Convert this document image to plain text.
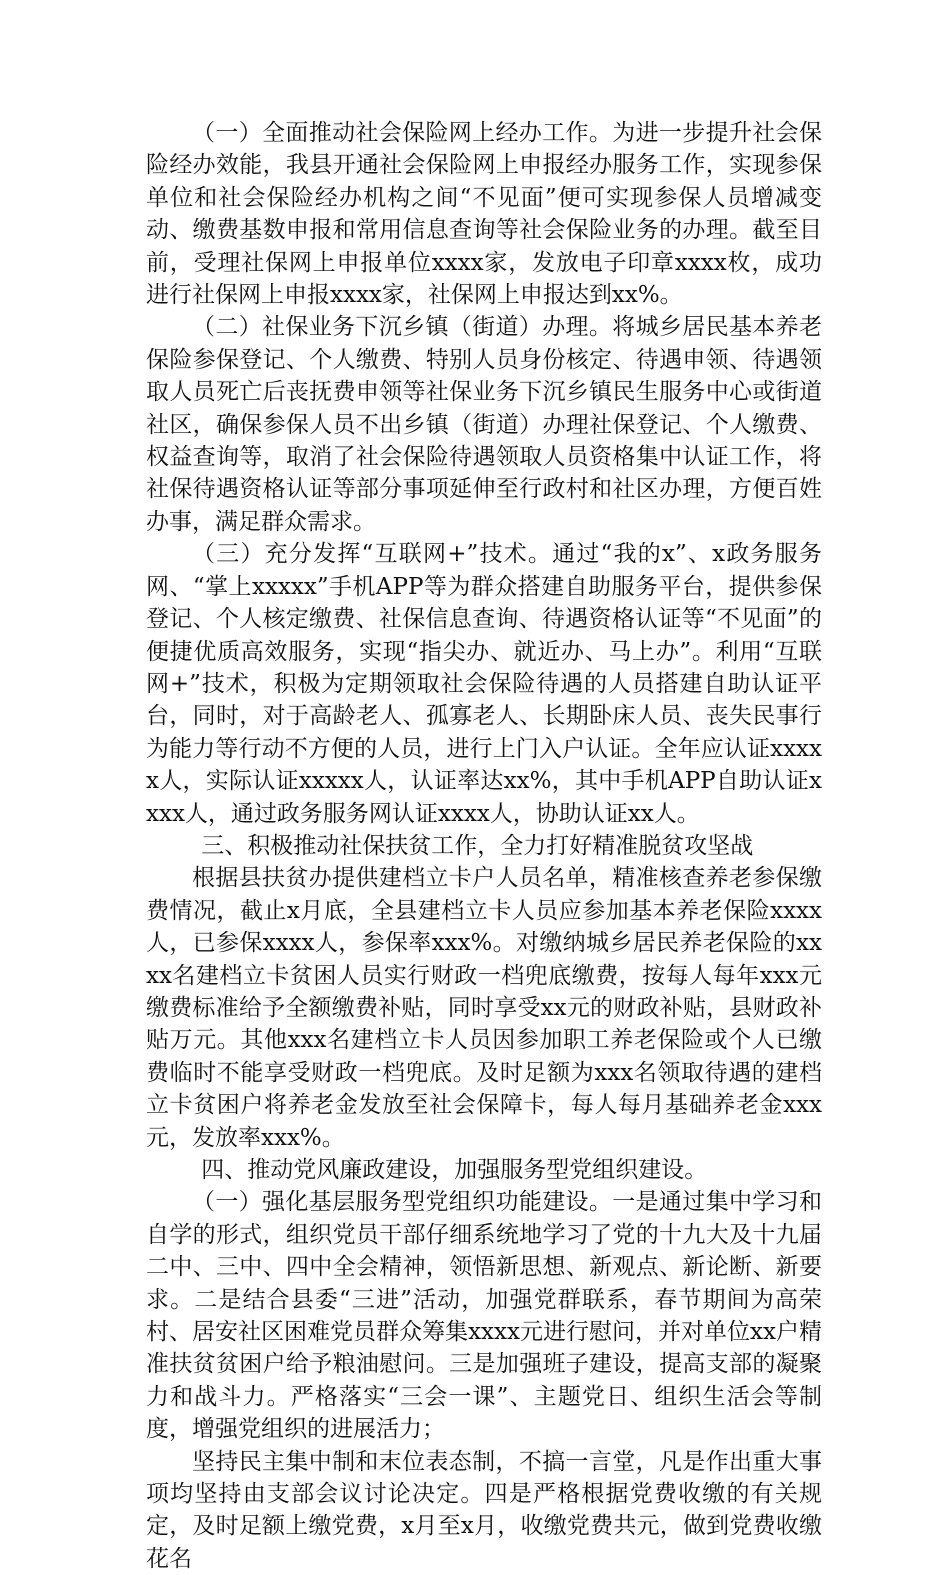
（一）全面推动社会保险网上经办工作。为进一步提升社会保险经办效能，我县开通社会保险网上申报经办服务工作，实现参保单位和社会保险经办机构之间“不见面”便可实现参保人员增减变动、缴费基数申报和常用信息查询等社会保险业务的办理。截至目前，受理社保网上申报单位xxxx家，发放电子印章xxxx枚，成功进行社保网上申报xxxx家，社保网上申报达到xx%。

（二）社保业务下沉乡镇（街道）办理。将城乡居民基本养老保险参保登记、个人缴费、特别人员身份核定、待遇申领、待遇领取人员死亡后丧抚费申领等社保业务下沉乡镇民生服务中心或街道社区，确保参保人员不出乡镇（街道）办理社保登记、个人缴费、权益查询等，取消了社会保险待遇领取人员资格集中认证工作，将社保待遇资格认证等部分事项延伸至行政村和社区办理，方便百姓办事，满足群众需求。

（三）充分发挥“互联网+”技术。通过“我的x”、x政务服务网、“掌上xxxxx”手机APP等为群众搭建自助服务平台，提供参保登记、个人核定缴费、社保信息查询、待遇资格认证等“不见面”的便捷优质高效服务，实现“指尖办、就近办、马上办”。利用“互联网+”技术，积极为定期领取社会保险待遇的人员搭建自助认证平台，同时，对于高龄老人、孤寡老人、长期卧床人员、丧失民事行为能力等行动不方便的人员，进行上门入户认证。全年应认证xxxxx人，实际认证xxxxx人，认证率达xx%，其中手机APP自助认证xxxx人，通过政务服务网认证xxxx人，协助认证xx人。

三、积极推动社保扶贫工作，全力打好精准脱贫攻坚战

根据县扶贫办提供建档立卡户人员名单，精准核查养老参保缴费情况，截止x月底，全县建档立卡人员应参加基本养老保险xxxx人，已参保xxxx人，参保率xxx%。对缴纳城乡居民养老保险的xxxx名建档立卡贫困人员实行财政一档兜底缴费，按每人每年xxx元缴费标准给予全额缴费补贴，同时享受xx元的财政补贴，县财政补贴万元。其他xxx名建档立卡人员因参加职工养老保险或个人已缴费临时不能享受财政一档兜底。及时足额为xxx名领取待遇的建档立卡贫困户将养老金发放至社会保障卡，每人每月基础养老金xxx元，发放率xxx%。

四、推动党风廉政建设，加强服务型党组织建设。

（一）强化基层服务型党组织功能建设。一是通过集中学习和自学的形式，组织党员干部仔细系统地学习了党的十九大及十九届二中、三中、四中全会精神，领悟新思想、新观点、新论断、新要求。二是结合县委“三进”活动，加强党群联系，春节期间为高荣村、居安社区困难党员群众筹集xxxx元进行慰问，并对单位xx户精准扶贫贫困户给予粮油慰问。三是加强班子建设，提高支部的凝聚力和战斗力。严格落实“三会一课”、主题党日、组织生活会等制度，增强党组织的进展活力；

坚持民主集中制和末位表态制，不搞一言堂，凡是作出重大事项均坚持由支部会议讨论决定。四是严格根据党费收缴的有关规定，及时足额上缴党费，x月至x月，收缴党费共元，做到党费收缴花名
